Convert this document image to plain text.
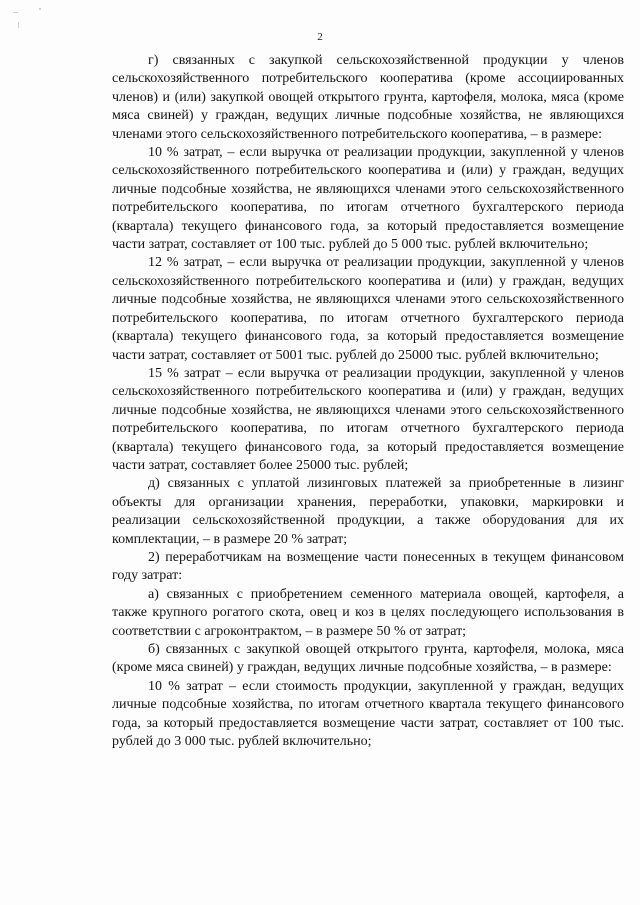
2

г) связанных с закупкой сельскохозяйственной продукции у членов сельскохозяйственного потребительского кооператива (кроме ассоциированных членов) и (или) закупкой овощей открытого грунта, картофеля, молока, мяса (кроме мяса свиней) у граждан, ведущих личные подсобные хозяйства, не являющихся членами этого сельскохозяйственного потребительского кооператива, – в размере:

10 % затрат, – если выручка от реализации продукции, закупленной у членов сельскохозяйственного потребительского кооператива и (или) у граждан, ведущих личные подсобные хозяйства, не являющихся членами этого сельскохозяйственного потребительского кооператива, по итогам отчетного бухгалтерского периода (квартала) текущего финансового года, за который предоставляется возмещение части затрат, составляет от 100 тыс. рублей до 5 000 тыс. рублей включительно;

12 % затрат, – если выручка от реализации продукции, закупленной у членов сельскохозяйственного потребительского кооператива и (или) у граждан, ведущих личные подсобные хозяйства, не являющихся членами этого сельскохозяйственного потребительского кооператива, по итогам отчетного бухгалтерского периода (квартала) текущего финансового года, за который предоставляется возмещение части затрат, составляет от 5001 тыс. рублей до 25000 тыс. рублей включительно;

15 % затрат – если выручка от реализации продукции, закупленной у членов сельскохозяйственного потребительского кооператива и (или) у граждан, ведущих личные подсобные хозяйства, не являющихся членами этого сельскохозяйственного потребительского кооператива, по итогам отчетного бухгалтерского периода (квартала) текущего финансового года, за который предоставляется возмещение части затрат, составляет более 25000 тыс. рублей;

д) связанных с уплатой лизинговых платежей за приобретенные в лизинг объекты для организации хранения, переработки, упаковки, маркировки и реализации сельскохозяйственной продукции, а также оборудования для их комплектации, – в размере 20 % затрат;

2) переработчикам на возмещение части понесенных в текущем финансовом году затрат:

а) связанных с приобретением семенного материала овощей, картофеля, а также крупного рогатого скота, овец и коз в целях последующего использования в соответствии с агроконтрактом, – в размере 50 % от затрат;

б) связанных с закупкой овощей открытого грунта, картофеля, молока, мяса (кроме мяса свиней) у граждан, ведущих личные подсобные хозяйства, – в размере:

10 % затрат – если стоимость продукции, закупленной у граждан, ведущих личные подсобные хозяйства, по итогам отчетного квартала текущего финансового года, за который предоставляется возмещение части затрат, составляет от 100 тыс. рублей до 3 000 тыс. рублей включительно;
